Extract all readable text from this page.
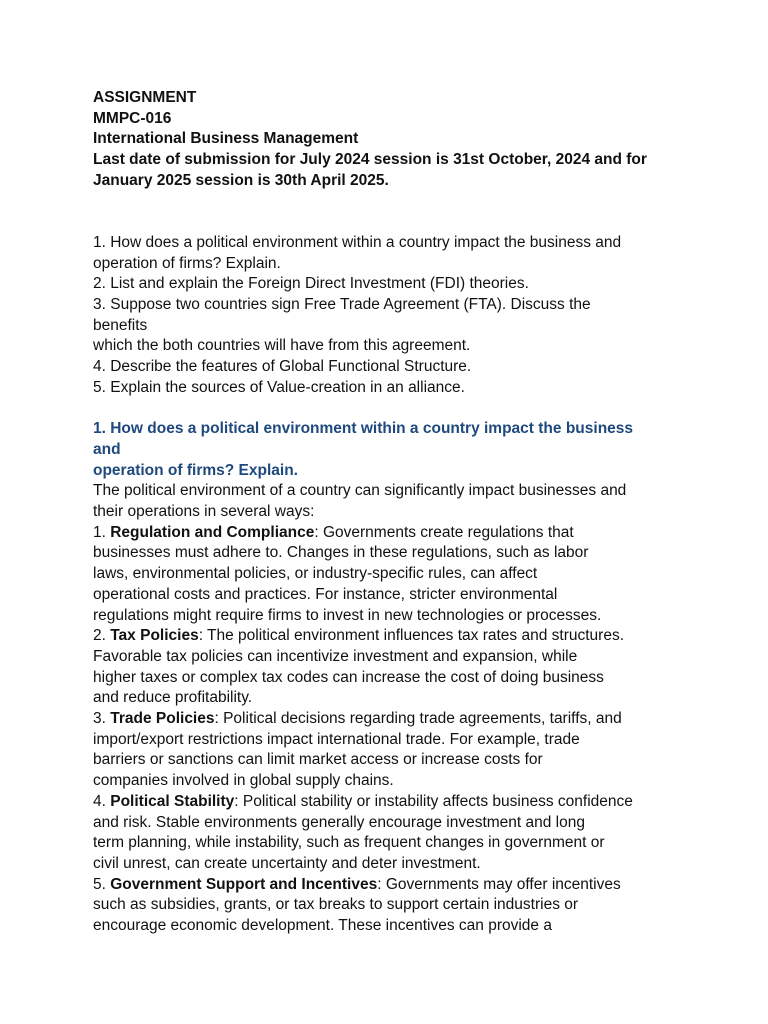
ASSIGNMENT
MMPC-016
International Business Management
Last date of submission for July 2024 session is 31st October, 2024 and for
January 2025 session is 30th April 2025.
1. How does a political environment within a country impact the business and
operation of firms? Explain.
2. List and explain the Foreign Direct Investment (FDI) theories.
3. Suppose two countries sign Free Trade Agreement (FTA). Discuss the
benefits
which the both countries will have from this agreement.
4. Describe the features of Global Functional Structure.
5. Explain the sources of Value-creation in an alliance.
1. How does a political environment within a country impact the business
and
operation of firms? Explain.
The political environment of a country can significantly impact businesses and
their operations in several ways:
1. Regulation and Compliance: Governments create regulations that
businesses must adhere to. Changes in these regulations, such as labor
laws, environmental policies, or industry-specific rules, can affect
operational costs and practices. For instance, stricter environmental
regulations might require firms to invest in new technologies or processes.
2. Tax Policies: The political environment influences tax rates and structures.
Favorable tax policies can incentivize investment and expansion, while
higher taxes or complex tax codes can increase the cost of doing business
and reduce profitability.
3. Trade Policies: Political decisions regarding trade agreements, tariffs, and
import/export restrictions impact international trade. For example, trade
barriers or sanctions can limit market access or increase costs for
companies involved in global supply chains.
4. Political Stability: Political stability or instability affects business confidence
and risk. Stable environments generally encourage investment and long
term planning, while instability, such as frequent changes in government or
civil unrest, can create uncertainty and deter investment.
5. Government Support and Incentives: Governments may offer incentives
such as subsidies, grants, or tax breaks to support certain industries or
encourage economic development. These incentives can provide a
